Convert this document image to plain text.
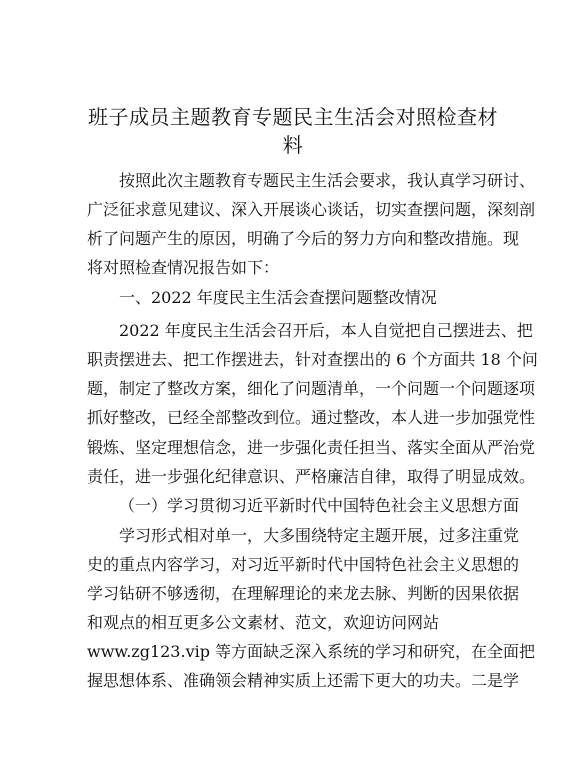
班子成员主题教育专题民主生活会对照检查材
料

按照此次主题教育专题民主生活会要求，我认真学习研讨、

广泛征求意见建议、深入开展谈心谈话，切实查摆问题，深刻剖

析了问题产生的原因，明确了今后的努力方向和整改措施。现

将对照检查情况报告如下：

一、2022 年度民主生活会查摆问题整改情况

2022 年度民主生活会召开后，本人自觉把自己摆进去、把

职责摆进去、把工作摆进去，针对查摆出的 6 个方面共 18 个问

题，制定了整改方案，细化了问题清单，一个问题一个问题逐项

抓好整改，已经全部整改到位。通过整改，本人进一步加强党性

锻炼、坚定理想信念，进一步强化责任担当、落实全面从严治党

责任，进一步强化纪律意识、严格廉洁自律，取得了明显成效。

（一）学习贯彻习近平新时代中国特色社会主义思想方面

学习形式相对单一，大多围绕特定主题开展，过多注重党

史的重点内容学习，对习近平新时代中国特色社会主义思想的

学习钻研不够透彻，在理解理论的来龙去脉、判断的因果依据

和观点的相互更多公文素材、范文，欢迎访问网站

www.zg123.vip 等方面缺乏深入系统的学习和研究，在全面把

握思想体系、准确领会精神实质上还需下更大的功夫。二是学
